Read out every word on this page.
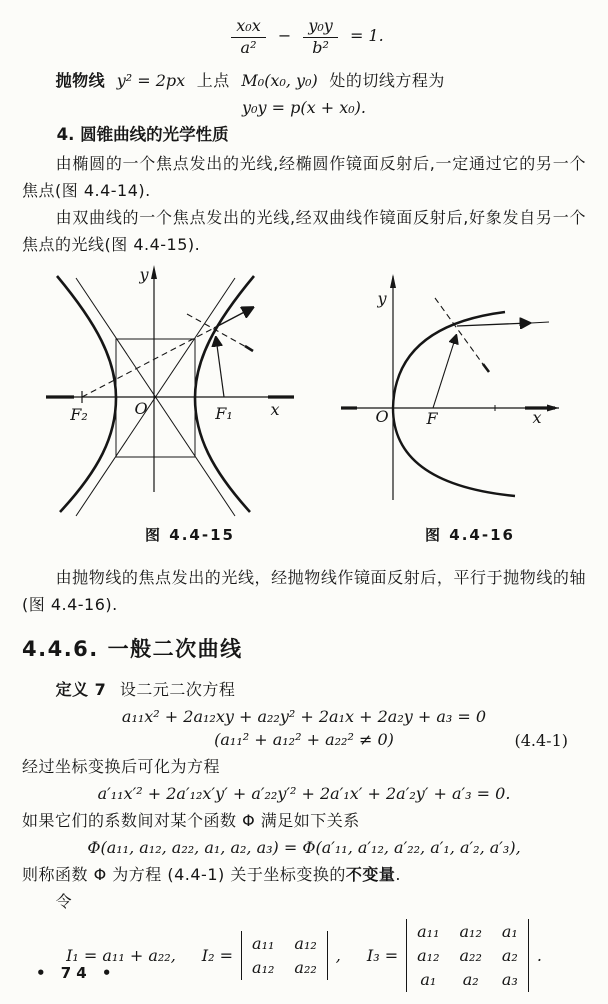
$\frac{\text{x₀x}}{\text{a²}} - \frac{\text{y₀y}}{\text{b²}} = 1$.

抛物线 y² = 2px 上点 M₀(x₀, y₀) 处的切线方程为

y₀y = p(x + x₀).

4. 圆锥曲线的光学性质

由椭圆的一个焦点发出的光线,经椭圆作镜面反射后,一定通过它的另一个焦点(图 4.4-14).

由双曲线的一个焦点发出的光线,经双曲线作镜面反射后,好象发自另一个焦点的光线(图 4.4-15).

y
x
O	F₁
F₂
y
x
O F
图 4.4-15	图 4.4-16

由抛物线的焦点发出的光线，经抛物线作镜面反射后，平行于抛物线的轴(图 4.4-16).

4.4.6. 一般二次曲线

定义 7 设二元二次方程

a₁₁x² + 2a₁₂xy + a₂₂y² + 2a₁x + 2a₂y + a₃ = 0
(a₁₁² + a₁₂² + a₂₂² ≠ 0)	(4.4-1)

经过坐标变换后可化为方程

a′₁₁x′² + 2a′₁₂x′y′ + a′₂₂y′² + 2a′₁x′ + 2a′₂y′ + a′₃ = 0.

如果它们的系数间对某个函数 Φ 满足如下关系

Φ(a₁₁, a₁₂, a₂₂, a₁, a₂, a₃) = Φ(a′₁₁, a′₁₂, a′₂₂, a′₁, a′₂, a′₃),

则称函数 Φ 为方程 (4.4-1) 关于坐标变换的不变量.

令

I₁ = a₁₁ + a₂₂, I₂ =
a₁₁ a₁₂
a₁₂ a₂₂
, I₃ =
a₁₁ a₁₂ a₁
a₁₂ a₂₂ a₂
a₁ a₂ a₃
.
• 74 •
